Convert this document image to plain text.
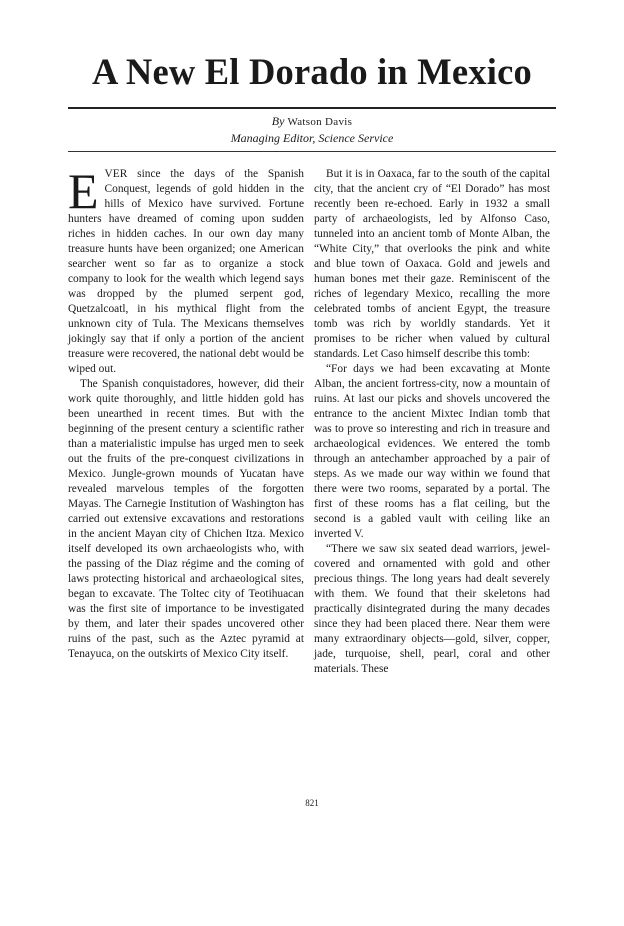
A New El Dorado in Mexico
By Watson Davis
Managing Editor, Science Service

EVER since the days of the Spanish Conquest, legends of gold hidden in the hills of Mexico have survived. Fortune hunters have dreamed of coming upon sudden riches in hidden caches. In our own day many treasure hunts have been organized; one American searcher went so far as to organize a stock company to look for the wealth which legend says was dropped by the plumed serpent god, Quetzalcoatl, in his mythical flight from the unknown city of Tula. The Mexicans themselves jokingly say that if only a portion of the ancient treasure were recovered, the national debt would be wiped out.

The Spanish conquistadores, however, did their work quite thoroughly, and little hidden gold has been unearthed in recent times. But with the beginning of the present century a scientific rather than a materialistic impulse has urged men to seek out the fruits of the pre-conquest civilizations in Mexico. Jungle-grown mounds of Yucatan have revealed marvelous temples of the forgotten Mayas. The Carnegie Institution of Washington has carried out extensive excavations and restorations in the ancient Mayan city of Chichen Itza. Mexico itself developed its own archaeologists who, with the passing of the Diaz régime and the coming of laws protecting historical and archaeological sites, began to excavate. The Toltec city of Teotihuacan was the first site of importance to be investigated by them, and later their spades uncovered other ruins of the past, such as the Aztec pyramid at Tenayuca, on the outskirts of Mexico City itself.

But it is in Oaxaca, far to the south of the capital city, that the ancient cry of “El Dorado” has most recently been re-echoed. Early in 1932 a small party of archaeologists, led by Alfonso Caso, tunneled into an ancient tomb of Monte Alban, the “White City,” that overlooks the pink and white and blue town of Oaxaca. Gold and jewels and human bones met their gaze. Reminiscent of the riches of legendary Mexico, recalling the more celebrated tombs of ancient Egypt, the treasure tomb was rich by worldly standards. Yet it promises to be richer when valued by cultural standards. Let Caso himself describe this tomb:

“For days we had been excavating at Monte Alban, the ancient fortress-city, now a mountain of ruins. At last our picks and shovels uncovered the entrance to the ancient Mixtec Indian tomb that was to prove so interesting and rich in treasure and archaeological evidences. We entered the tomb through an antechamber approached by a pair of steps. As we made our way within we found that there were two rooms, separated by a portal. The first of these rooms has a flat ceiling, but the second is a gabled vault with ceiling like an inverted V.

“There we saw six seated dead warriors, jewel-covered and ornamented with gold and other precious things. The long years had dealt severely with them. We found that their skeletons had practically disintegrated during the many decades since they had been placed there. Near them were many extraordinary objects—gold, silver, copper, jade, turquoise, shell, pearl, coral and other materials. These

821
